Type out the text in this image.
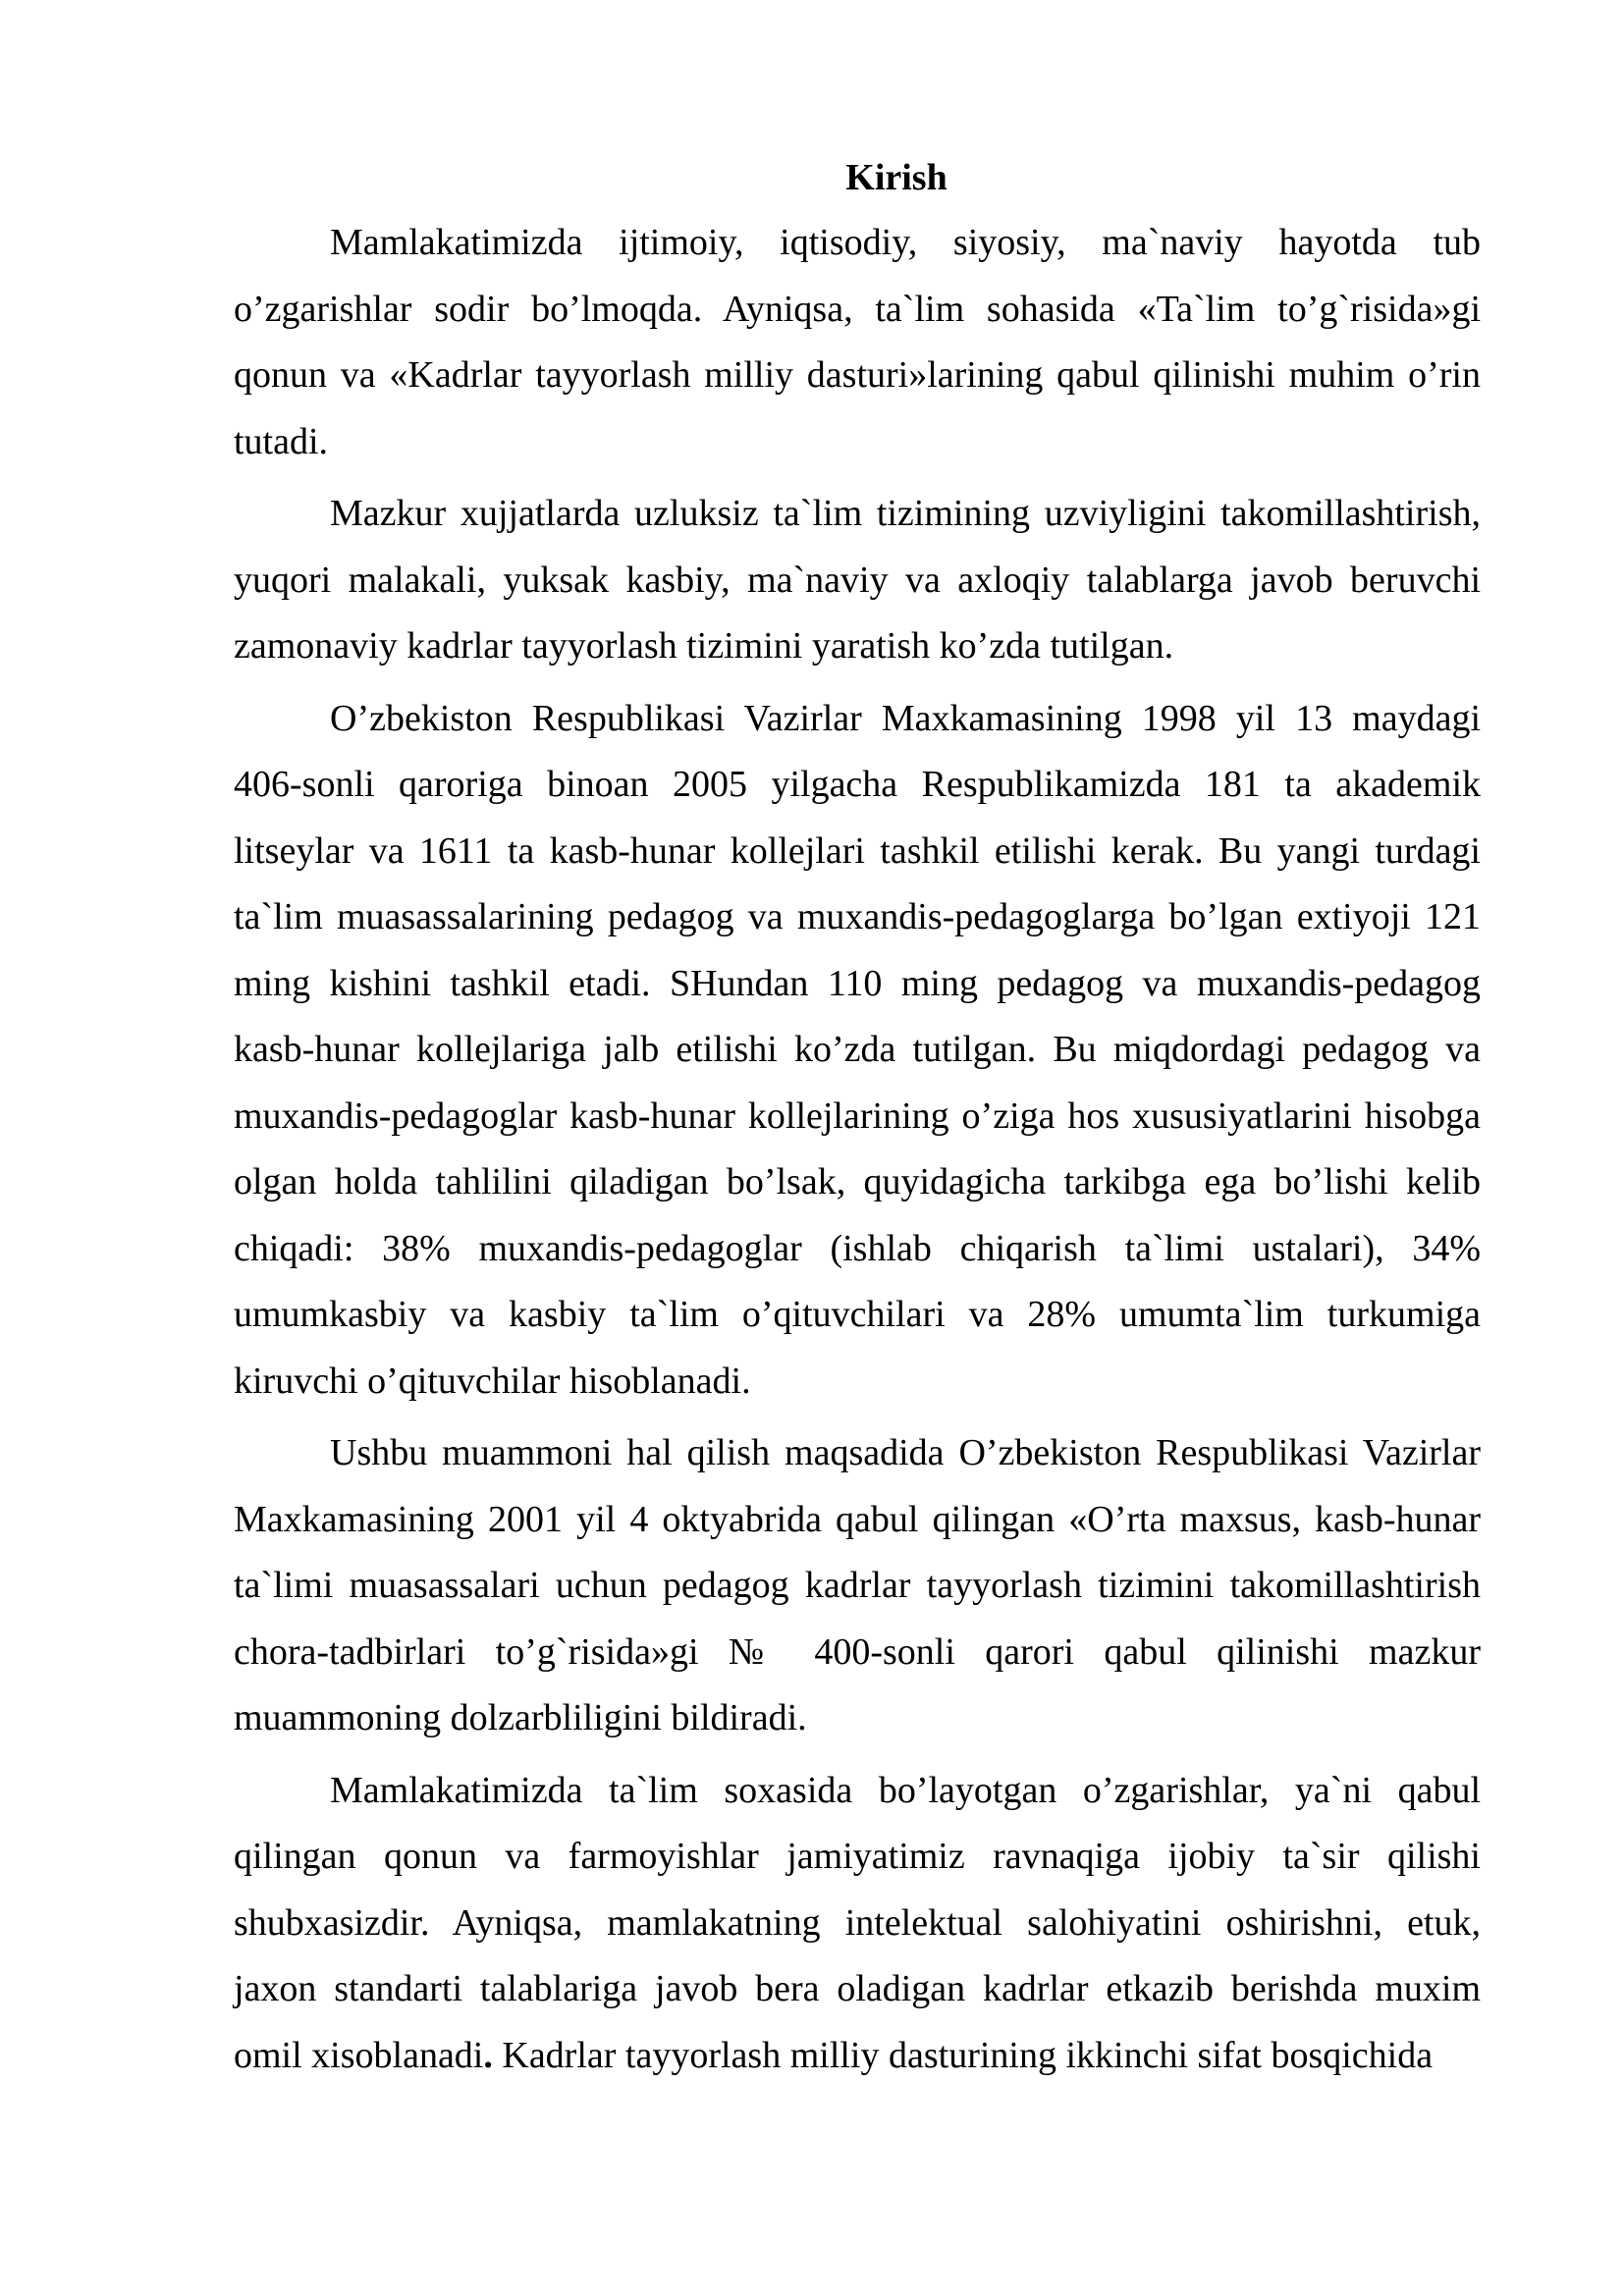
Kirish

Mamlakatimizda ijtimoiy, iqtisodiy, siyosiy, ma`naviy hayotda tub o’zgarishlar sodir bo’lmoqda. Ayniqsa, ta`lim sohasida «Ta`lim to’g`risida»gi qonun va «Kadrlar tayyorlash milliy dasturi»larining qabul qilinishi muhim o’rin tutadi.

Mazkur xujjatlarda uzluksiz ta`lim tizimining uzviyligini takomillashtirish, yuqori malakali, yuksak kasbiy, ma`naviy va axloqiy talablarga javob beruvchi zamonaviy kadrlar tayyorlash tizimini yaratish ko’zda tutilgan.

O’zbekiston Respublikasi Vazirlar Maxkamasining 1998 yil 13 maydagi 406-sonli qaroriga binoan 2005 yilgacha Respublikamizda 181 ta akademik litseylar va 1611 ta kasb-hunar kollejlari tashkil etilishi kerak. Bu yangi turdagi ta`lim muasassalarining pedagog va muxandis-pedagoglarga bo’lgan extiyoji 121 ming kishini tashkil etadi. SHundan 110 ming pedagog va muxandis-pedagog kasb-hunar kollejlariga jalb etilishi ko’zda tutilgan. Bu miqdordagi pedagog va muxandis-pedagoglar kasb-hunar kollejlarining o’ziga hos xususiyatlarini hisobga olgan holda tahlilini qiladigan bo’lsak, quyidagicha tarkibga ega bo’lishi kelib chiqadi: 38% muxandis-pedagoglar (ishlab chiqarish ta`limi ustalari), 34% umumkasbiy va kasbiy ta`lim o’qituvchilari va 28% umumta`lim turkumiga kiruvchi o’qituvchilar hisoblanadi.

Ushbu muammoni hal qilish maqsadida O’zbekiston Respublikasi Vazirlar Maxkamasining 2001 yil 4 oktyabrida qabul qilingan «O’rta maxsus, kasb-hunar ta`limi muasassalari uchun pedagog kadrlar tayyorlash tizimini takomillashtirish chora-tadbirlari to’g`risida»gi № 400-sonli qarori qabul qilinishi mazkur muammoning dolzarbliligini bildiradi.

Mamlakatimizda ta`lim soxasida bo’layotgan o’zgarishlar, ya`ni qabul qilingan qonun va farmoyishlar jamiyatimiz ravnaqiga ijobiy ta`sir qilishi shubxasizdir. Ayniqsa, mamlakatning intelektual salohiyatini oshirishni, etuk, jaxon standarti talablariga javob bera oladigan kadrlar etkazib berishda muxim omil xisoblanadi. Kadrlar tayyorlash milliy dasturining ikkinchi sifat bosqichida
